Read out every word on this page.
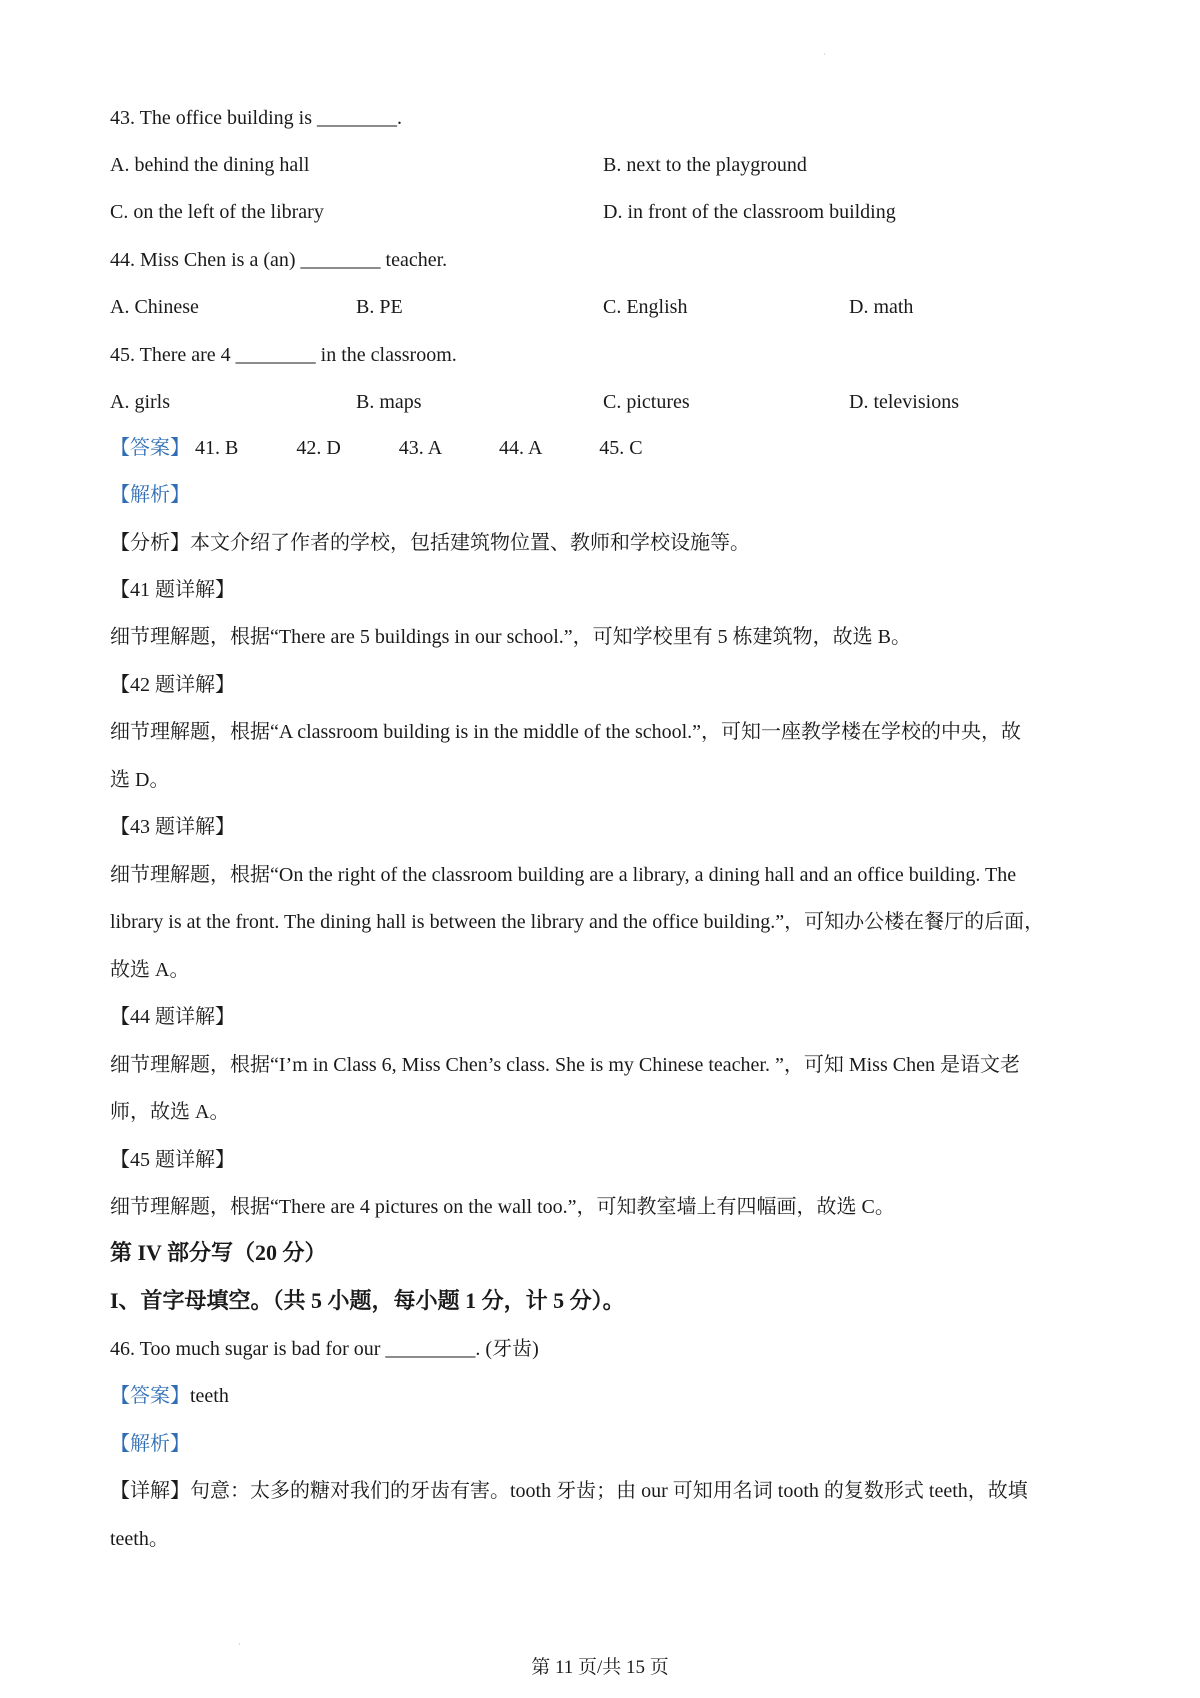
·
43. The office building is ________.
A. behind the dining hall	B. next to the playground
C. on the left of the library	D. in front of the classroom building
44. Miss Chen is a (an) ________ teacher.
A. Chinese	B. PE	C. English	D. math
45. There are 4 ________ in the classroom.
A. girls	B. maps	C. pictures	D. televisions
【答案】 41. B	42. D	43. A	44. A	45. C
【解析】
【分析】本文介绍了作者的学校，包括建筑物位置、教师和学校设施等。
【41 题详解】
细节理解题，根据“There are 5 buildings in our school.”，可知学校里有 5 栋建筑物，故选 B。
【42 题详解】
细节理解题，根据“A classroom building is in the middle of the school.”，可知一座教学楼在学校的中央，故
选 D。
【43 题详解】
细节理解题，根据“On the right of the classroom building are a library, a dining hall and an office building. The
library is at the front. The dining hall is between the library and the office building.”，可知办公楼在餐厅的后面，
故选 A。
【44 题详解】
细节理解题，根据“I’m in Class 6, Miss Chen’s class. She is my Chinese teacher. ”，可知 Miss Chen 是语文老
师，故选 A。
【45 题详解】
细节理解题，根据“There are 4 pictures on the wall too.”，可知教室墙上有四幅画，故选 C。
第 IV 部分写（20 分）
I、首字母填空。（共 5 小题，每小题 1 分，计 5 分）。
46. Too much sugar is bad for our _________. (牙齿)
【答案】teeth
【解析】
【详解】句意：太多的糖对我们的牙齿有害。tooth 牙齿；由 our 可知用名词 tooth 的复数形式 teeth，故填
teeth。
·
第 11 页/共 15 页
